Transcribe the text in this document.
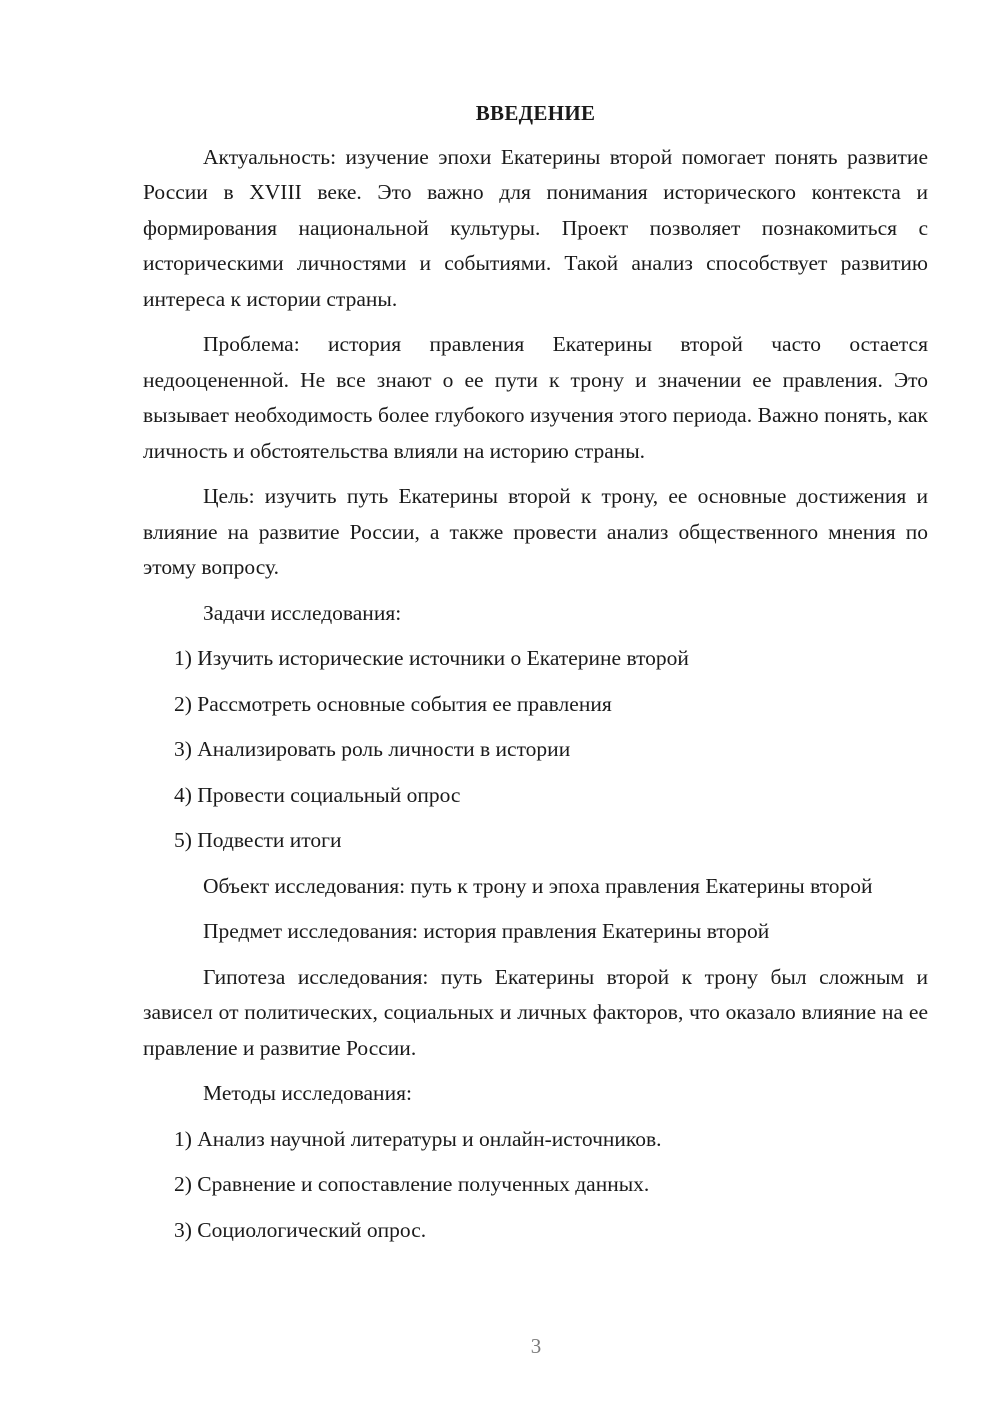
ВВЕДЕНИЕ

Актуальность: изучение эпохи Екатерины второй помогает понять развитие России в XVIII веке. Это важно для понимания исторического контекста и формирования национальной культуры. Проект позволяет познакомиться с историческими личностями и событиями. Такой анализ способствует развитию интереса к истории страны.

Проблема: история правления Екатерины второй часто остается недооцененной. Не все знают о ее пути к трону и значении ее правления. Это вызывает необходимость более глубокого изучения этого периода. Важно понять, как личность и обстоятельства влияли на историю страны.

Цель: изучить путь Екатерины второй к трону, ее основные достижения и влияние на развитие России, а также провести анализ общественного мнения по этому вопросу.

Задачи исследования:

1) Изучить исторические источники о Екатерине второй

2) Рассмотреть основные события ее правления

3) Анализировать роль личности в истории

4) Провести социальный опрос

5) Подвести итоги

Объект исследования: путь к трону и эпоха правления Екатерины второй

Предмет исследования: история правления Екатерины второй

Гипотеза исследования: путь Екатерины второй к трону был сложным и зависел от политических, социальных и личных факторов, что оказало влияние на ее правление и развитие России.

Методы исследования:

1) Анализ научной литературы и онлайн-источников.

2) Сравнение и сопоставление полученных данных.

3) Социологический опрос.

3
